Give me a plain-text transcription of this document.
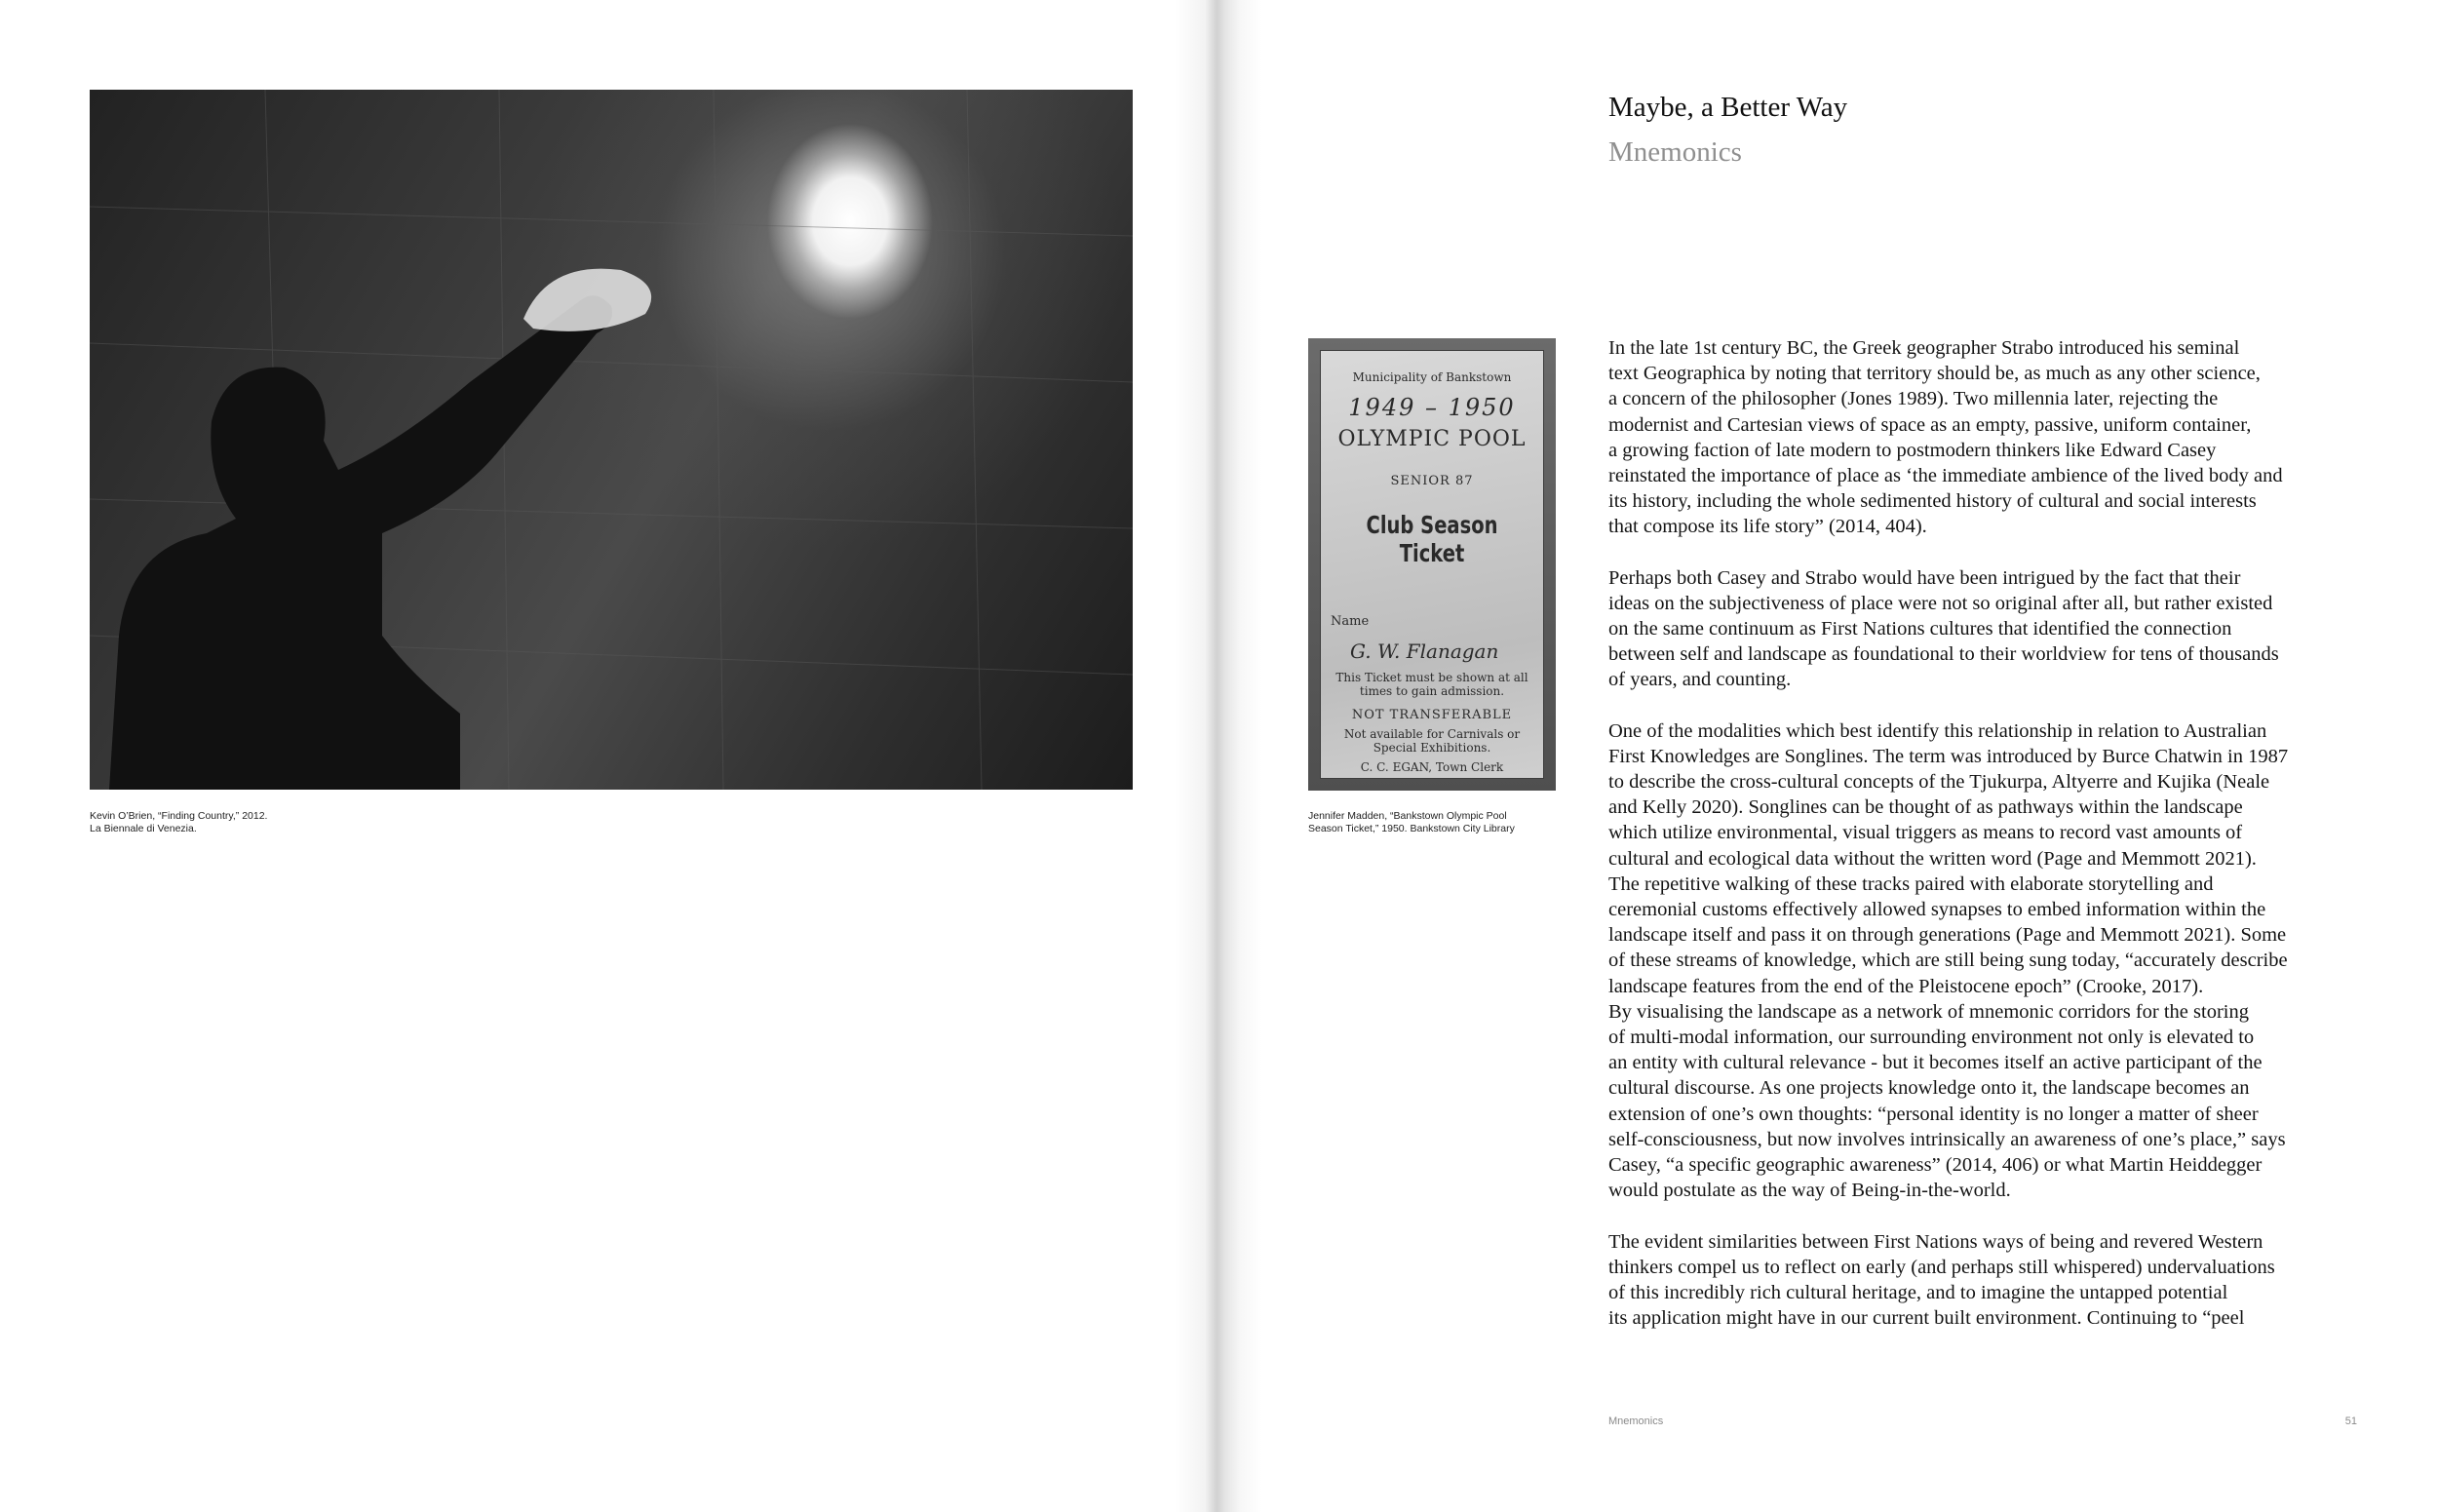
Kevin O’Brien, “Finding Country,” 2012.
La Biennale di Venezia.
Municipality of Bankstown
1949 – 1950
OLYMPIC POOL
SENIOR 87
Club Season Ticket
Name
G. W. Flanagan
This Ticket must be shown at all times to gain admission.
NOT TRANSFERABLE
Not available for Carnivals or Special Exhibitions.
C. C. EGAN, Town Clerk
Jennifer Madden, “Bankstown Olympic Pool
Season Ticket,” 1950. Bankstown City Library
Maybe, a Better Way
Mnemonics

In the late 1st century BC, the Greek geographer Strabo introduced his seminal
text Geographica by noting that territory should be, as much as any other science,
a concern of the philosopher (Jones 1989). Two millennia later, rejecting the
modernist and Cartesian views of space as an empty, passive, uniform container,
a growing faction of late modern to postmodern thinkers like Edward Casey
reinstated the importance of place as ‘the immediate ambience of the lived body and
its history, including the whole sedimented history of cultural and social interests
that compose its life story” (2014, 404).

Perhaps both Casey and Strabo would have been intrigued by the fact that their
ideas on the subjectiveness of place were not so original after all, but rather existed
on the same continuum as First Nations cultures that identified the connection
between self and landscape as foundational to their worldview for tens of thousands
of years, and counting.

One of the modalities which best identify this relationship in relation to Australian
First Knowledges are Songlines. The term was introduced by Burce Chatwin in 1987
to describe the cross-cultural concepts of the Tjukurpa, Altyerre and Kujika (Neale
and Kelly 2020). Songlines can be thought of as pathways within the landscape
which utilize environmental, visual triggers as means to record vast amounts of
cultural and ecological data without the written word (Page and Memmott 2021).
The repetitive walking of these tracks paired with elaborate storytelling and
ceremonial customs effectively allowed synapses to embed information within the
landscape itself and pass it on through generations (Page and Memmott 2021). Some
of these streams of knowledge, which are still being sung today, “accurately describe
landscape features from the end of the Pleistocene epoch” (Crooke, 2017).
By visualising the landscape as a network of mnemonic corridors for the storing
of multi-modal information, our surrounding environment not only is elevated to
an entity with cultural relevance - but it becomes itself an active participant of the
cultural discourse. As one projects knowledge onto it, the landscape becomes an
extension of one’s own thoughts: “personal identity is no longer a matter of sheer
self-consciousness, but now involves intrinsically an awareness of one’s place,” says
Casey, “a specific geographic awareness” (2014, 406) or what Martin Heiddegger
would postulate as the way of Being-in-the-world.

The evident similarities between First Nations ways of being and revered Western
thinkers compel us to reflect on early (and perhaps still whispered) undervaluations
of this incredibly rich cultural heritage, and to imagine the untapped potential
its application might have in our current built environment. Continuing to “peel

Mnemonics	51
